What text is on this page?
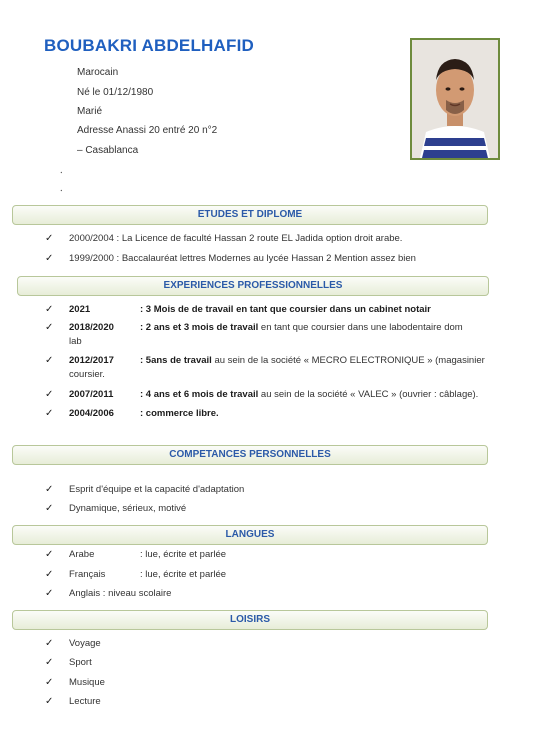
BOUBAKRI ABDELHAFID
Marocain
Né le 01/12/1980
Marié
Adresse Anassi 20 entré 20 n°2
– Casablanca
⸱
⸱
ETUDES ET DIPLOME
✓ 2000/2004 : La Licence de faculté Hassan 2 route EL Jadida option droit arabe.
✓ 1999/2000 : Baccalauréat lettres Modernes au lycée Hassan 2 Mention assez bien
EXPERIENCES PROFESSIONNELLES
✓ 2021	: 3 Mois de de travail en tant que coursier dans un cabinet notair
✓ 2018/2020	: 2 ans et 3 mois de travail en tant que coursier dans une labodentaire dom
lab
✓ 2012/2017	: 5ans de travail au sein de la société « MECRO ELECTRONIQUE » (magasinier
coursier.
✓ 2007/2011	: 4 ans et 6 mois de travail au sein de la société « VALEC » (ouvrier : câblage).
✓ 2004/2006	: commerce libre.
COMPETANCES PERSONNELLES
✓ Esprit d'équipe et la capacité d'adaptation
✓ Dynamique, sérieux, motivé
LANGUES
✓ Arabe	: lue, écrite et parlée
✓ Français	: lue, écrite et parlée
✓ Anglais : niveau scolaire
LOISIRS
✓ Voyage
✓ Sport
✓ Musique
✓ Lecture
